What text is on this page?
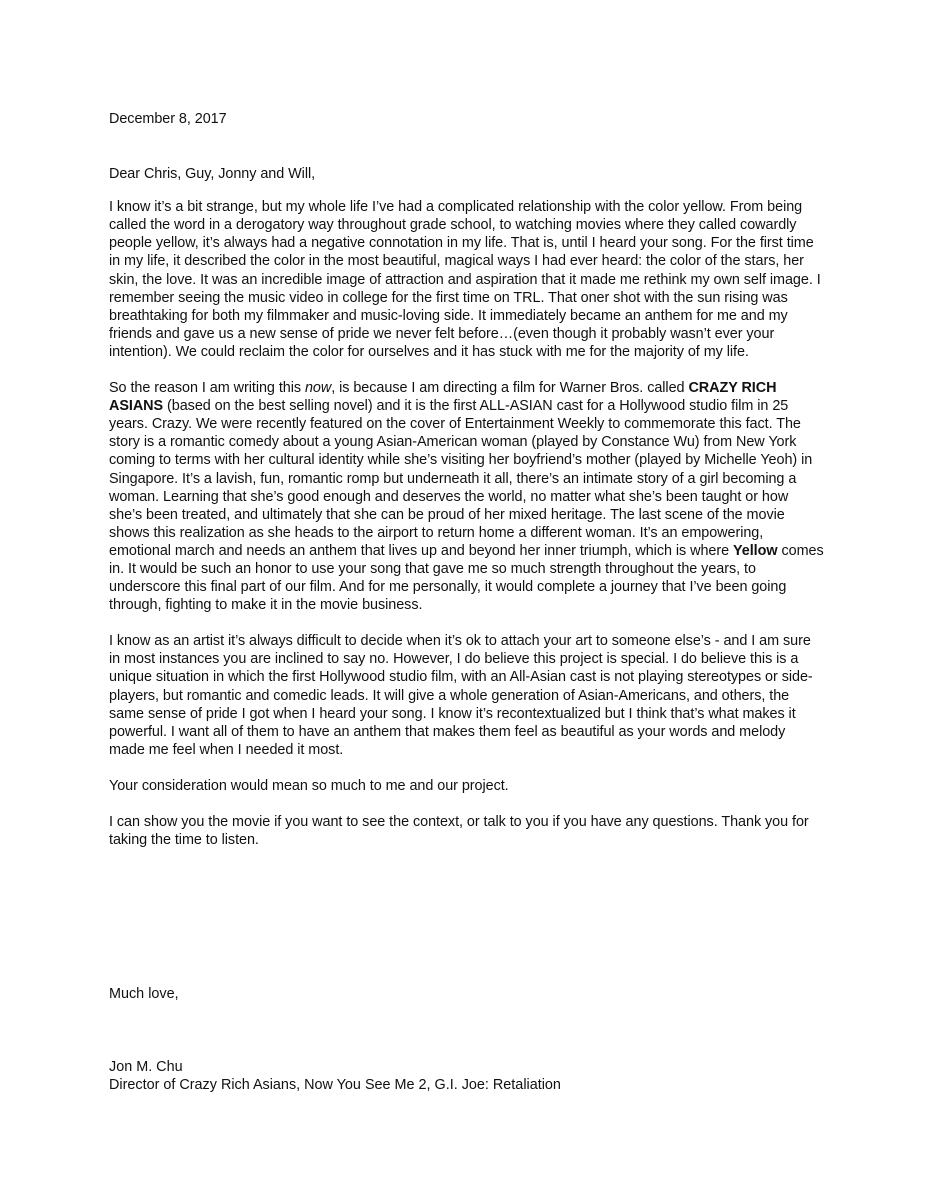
December 8, 2017

Dear Chris, Guy, Jonny and Will,

I know it’s a bit strange, but my whole life I’ve had a complicated relationship with the color yellow. From being called the word in a derogatory way throughout grade school, to watching movies where they called cowardly people yellow, it’s always had a negative connotation in my life. That is, until I heard your song. For the first time in my life, it described the color in the most beautiful, magical ways I had ever heard: the color of the stars, her skin, the love. It was an incredible image of attraction and aspiration that it made me rethink my own self image. I remember seeing the music video in college for the first time on TRL. That oner shot with the sun rising was breathtaking for both my filmmaker and music-loving side. It immediately became an anthem for me and my friends and gave us a new sense of pride we never felt before…(even though it probably wasn’t ever your intention). We could reclaim the color for ourselves and it has stuck with me for the majority of my life.

So the reason I am writing this now, is because I am directing a film for Warner Bros. called CRAZY RICH ASIANS (based on the best selling novel) and it is the first ALL-ASIAN cast for a Hollywood studio film in 25 years. Crazy. We were recently featured on the cover of Entertainment Weekly to commemorate this fact. The story is a romantic comedy about a young Asian-American woman (played by Constance Wu) from New York coming to terms with her cultural identity while she’s visiting her boyfriend’s mother (played by Michelle Yeoh) in Singapore. It’s a lavish, fun, romantic romp but underneath it all, there’s an intimate story of a girl becoming a woman. Learning that she’s good enough and deserves the world, no matter what she’s been taught or how she’s been treated, and ultimately that she can be proud of her mixed heritage. The last scene of the movie shows this realization as she heads to the airport to return home a different woman. It’s an empowering, emotional march and needs an anthem that lives up and beyond her inner triumph, which is where Yellow comes in. It would be such an honor to use your song that gave me so much strength throughout the years, to underscore this final part of our film. And for me personally, it would complete a journey that I’ve been going through, fighting to make it in the movie business.

I know as an artist it’s always difficult to decide when it’s ok to attach your art to someone else’s - and I am sure in most instances you are inclined to say no. However, I do believe this project is special. I do believe this is a unique situation in which the first Hollywood studio film, with an All-Asian cast is not playing stereotypes or side-players, but romantic and comedic leads. It will give a whole generation of Asian-Americans, and others, the same sense of pride I got when I heard your song. I know it’s recontextualized but I think that’s what makes it powerful. I want all of them to have an anthem that makes them feel as beautiful as your words and melody made me feel when I needed it most.

Your consideration would mean so much to me and our project.

I can show you the movie if you want to see the context, or talk to you if you have any questions. Thank you for taking the time to listen.

Much love,
Jon M. Chu
Director of Crazy Rich Asians, Now You See Me 2, G.I. Joe: Retaliation
